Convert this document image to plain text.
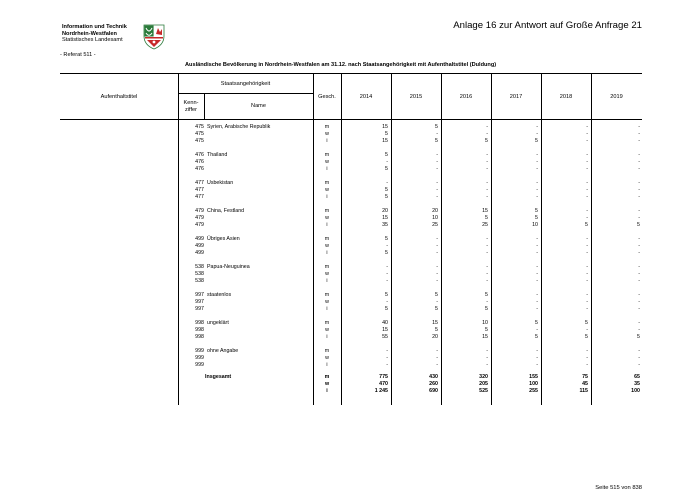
Information und Technik
Nordrhein-Westfalen
Statistisches Landesamt
- Referat 511 -
Anlage 16 zur Antwort auf Große Anfrage 21
Ausländische Bevölkerung in Nordrhein-Westfalen am 31.12. nach Staatsangehörigkeit mit Aufenthaltstitel (Duldung)
Aufenthaltstitel
Staatsangehörigkeit
Kenn-
ziffer
Name
Gesch.	2014	2015	2016	2017	2018	2019
475 Syrien, Arabische Republik	m	15	5	-	-	-	-
475	w	5	-	-	-	-	-
475	i	15	5	5	5	-	-
476 Thailand	m	5	-	-	-	-	-
476	w	-	-	-	-	-	-
476	i	5	-	-	-	-	-
477 Usbekistan	m	-	-	-	-	-	-
477	w	5	-	-	-	-	-
477	i	5	-	-	-	-	-
479 China, Festland	m	20	20	15	5	-	-
479	w	15	10	5	5	-	-
479	i	35	25	25	10	5	5
499 Übriges Asien	m	5	-	-	-	-	-
499	w	-	-	-	-	-	-
499	i	5	-	-	-	-	-
538 Papua-Neuguinea	m	-	-	-	-	-	-
538	w	-	-	-	-	-	-
538	i	-	-	-	-	-	-
997 staatenlos	m	5	5	5	-	-	-
997	w	-	-	-	-	-	-
997	i	5	5	5	-	-	-
998 ungeklärt	m	40	15	10	5	5	-
998	w	15	5	5	-	-	-
998	i	55	20	15	5	5	5
999 ohne Angabe	m	-	-	-	-	-	-
999	w	-	-	-	-	-	-
999	i	-	-	-	-	-	-
Insgesamt	m	775	430	320	155	75	65
w	470	260	205	100	45	35
i	1 245	690	525	255	115	100
Seite 515 von 838
